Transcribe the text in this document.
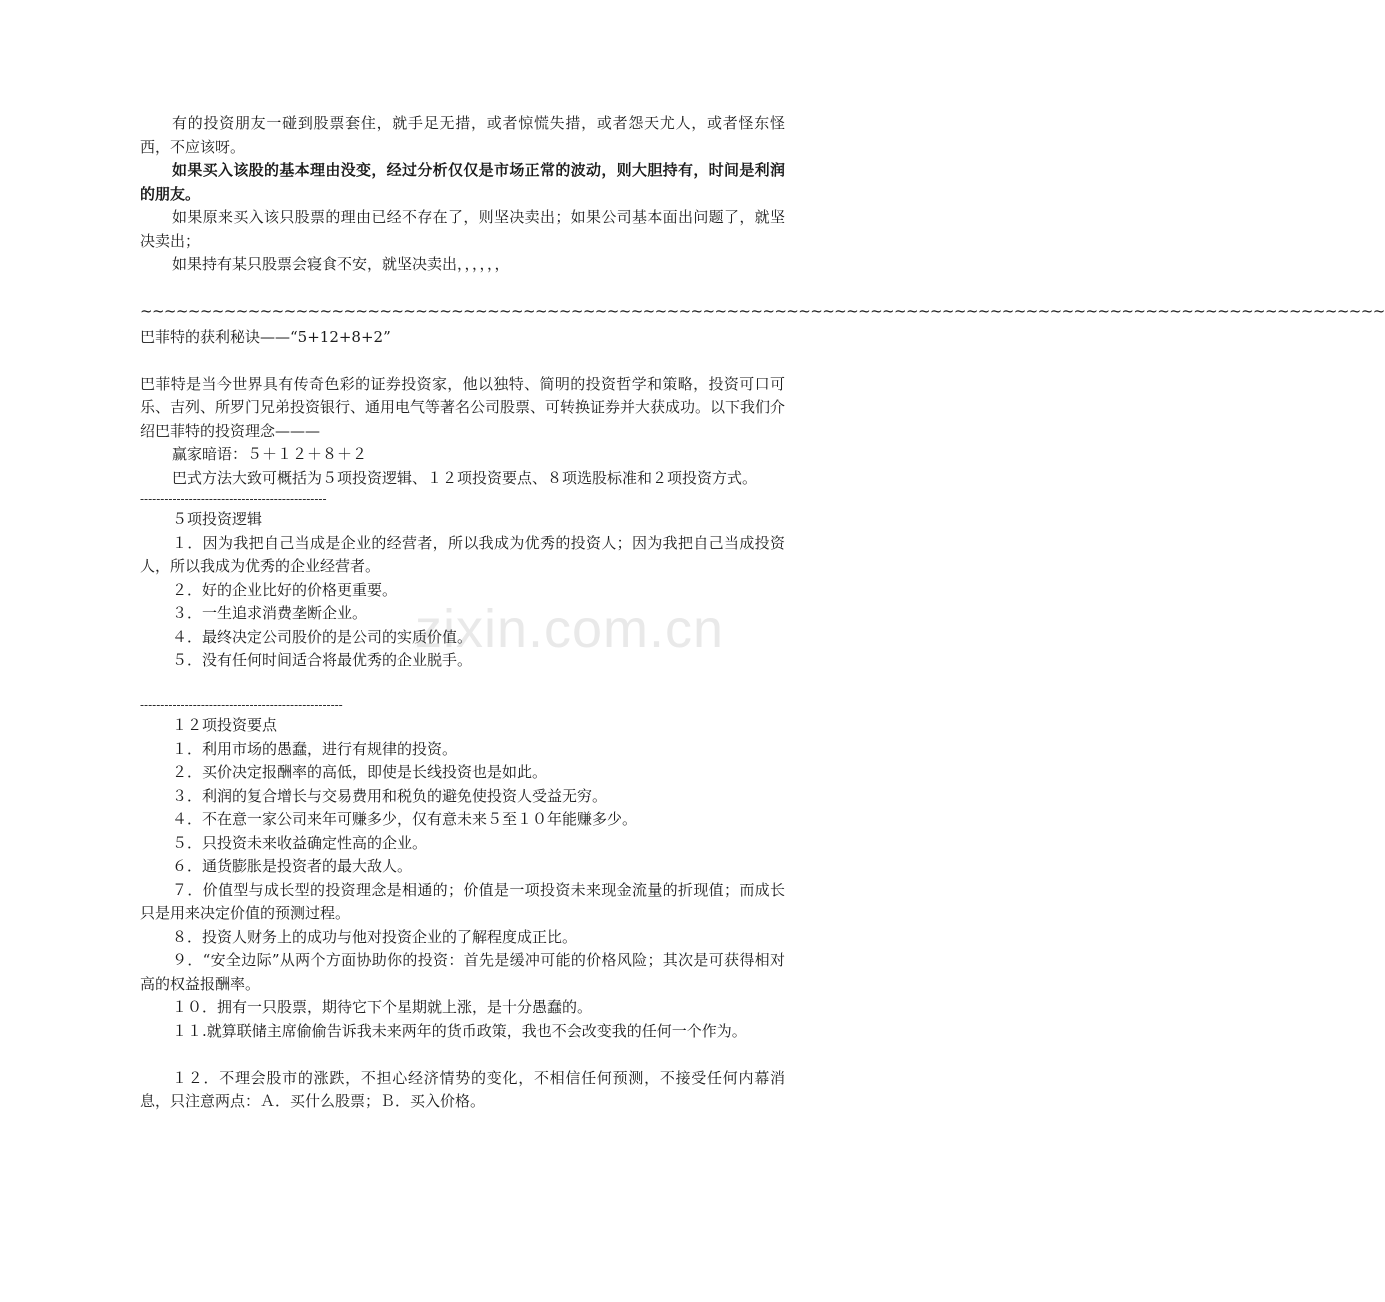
zixin.com.cn

有的投资朋友一碰到股票套住，就手足无措，或者惊慌失措，或者怨天尤人，或者怪东怪西，不应该呀。

如果买入该股的基本理由没变，经过分析仅仅是市场正常的波动，则大胆持有，时间是利润的朋友。

如果原来买入该只股票的理由已经不存在了，则坚决卖出；如果公司基本面出问题了，就坚决卖出；

如果持有某只股票会寝食不安，就坚决卖出，，，，，，

~~~~~~~~~~~~~~~~~~~~~~~~~~~~~~~~~~~~~~~~~~~~~~~~~~~~~~~~~~~~~~~~~~~~~~~~~~~~~~~~~~~~~~~~~~~~~~~~~~~~~~~~

巴菲特的获利秘诀——“5+12+8+2”

巴菲特是当今世界具有传奇色彩的证券投资家，他以独特、简明的投资哲学和策略，投资可口可乐、吉列、所罗门兄弟投资银行、通用电气等著名公司股票、可转换证券并大获成功。以下我们介绍巴菲特的投资理念———

赢家暗语：５＋１２＋８＋２

巴式方法大致可概括为５项投资逻辑、１２项投资要点、８项选股标准和２项投资方式。

----------------------------------------------

５项投资逻辑

１．因为我把自己当成是企业的经营者，所以我成为优秀的投资人；因为我把自己当成投资人，所以我成为优秀的企业经营者。

２．好的企业比好的价格更重要。

３．一生追求消费垄断企业。

４．最终决定公司股价的是公司的实质价值。

５．没有任何时间适合将最优秀的企业脱手。

--------------------------------------------------

１２项投资要点

１．利用市场的愚蠢，进行有规律的投资。

２．买价决定报酬率的高低，即使是长线投资也是如此。

３．利润的复合增长与交易费用和税负的避免使投资人受益无穷。

４．不在意一家公司来年可赚多少，仅有意未来５至１０年能赚多少。

５．只投资未来收益确定性高的企业。

６．通货膨胀是投资者的最大敌人。

７．价值型与成长型的投资理念是相通的；价值是一项投资未来现金流量的折现值；而成长只是用来决定价值的预测过程。

８．投资人财务上的成功与他对投资企业的了解程度成正比。

９．“安全边际”从两个方面协助你的投资：首先是缓冲可能的价格风险；其次是可获得相对高的权益报酬率。

１０．拥有一只股票，期待它下个星期就上涨，是十分愚蠢的。

１１.就算联储主席偷偷告诉我未来两年的货币政策，我也不会改变我的任何一个作为。

１２．不理会股市的涨跌，不担心经济情势的变化，不相信任何预测，不接受任何内幕消息，只注意两点：Ａ．买什么股票；Ｂ．买入价格。
